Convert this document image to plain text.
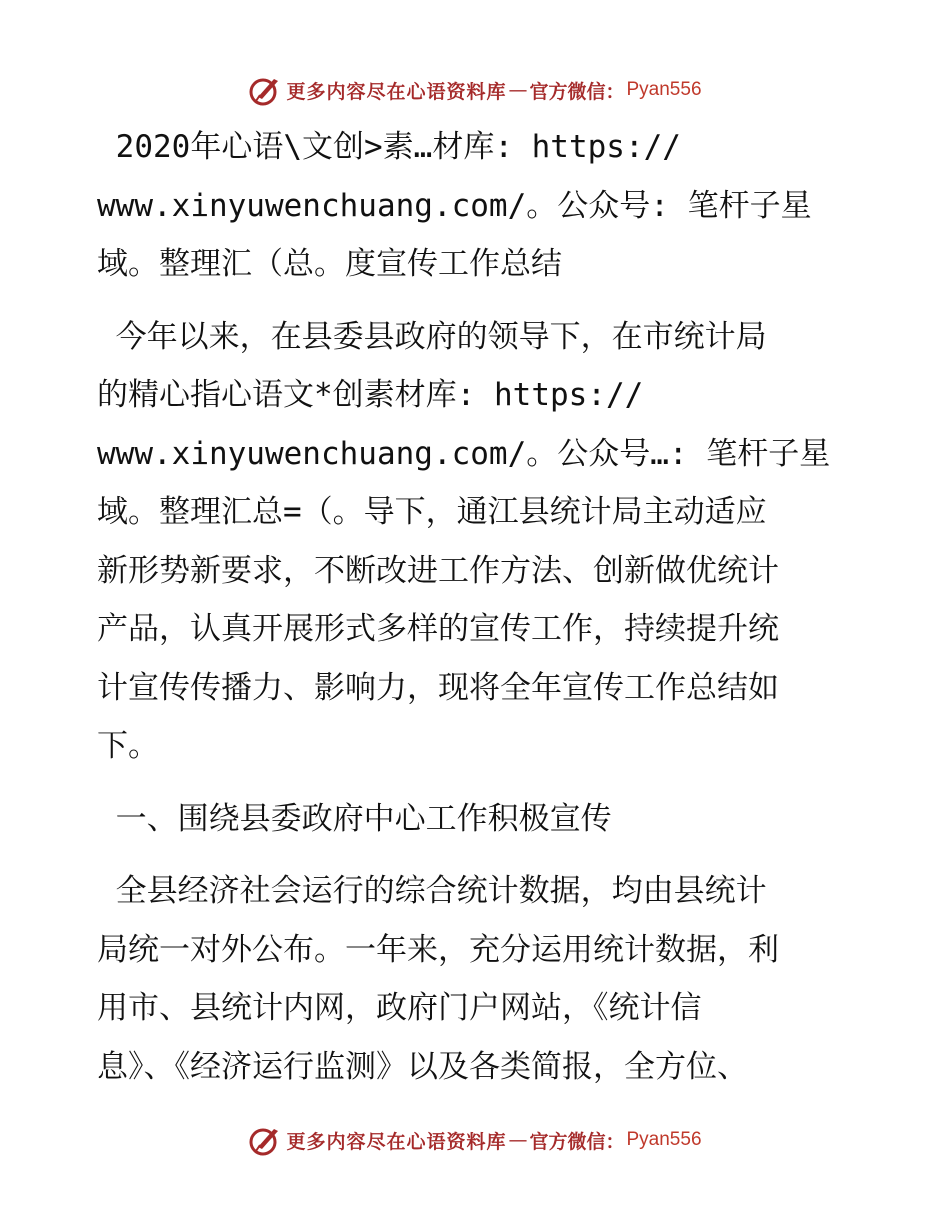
更多内容尽在心语资料库 — 官方微信： Pyan556

2020年心语\文创>素…材库: https://
www.xinyuwenchuang.com/。公众号: 笔杆子星
域。整理汇（总。度宣传工作总结

今年以来，在县委县政府的领导下，在市统计局
的精心指心语文*创素材库: https://
www.xinyuwenchuang.com/。公众号…: 笔杆子星
域。整理汇总=（。导下，通江县统计局主动适应
新形势新要求，不断改进工作方法、创新做优统计
产品，认真开展形式多样的宣传工作，持续提升统
计宣传传播力、影响力，现将全年宣传工作总结如
下。

一、围绕县委政府中心工作积极宣传

全县经济社会运行的综合统计数据，均由县统计
局统一对外公布。一年来，充分运用统计数据，利
用市、县统计内网，政府门户网站，《统计信
息》、《经济运行监测》以及各类简报，全方位、

更多内容尽在心语资料库 — 官方微信： Pyan556
